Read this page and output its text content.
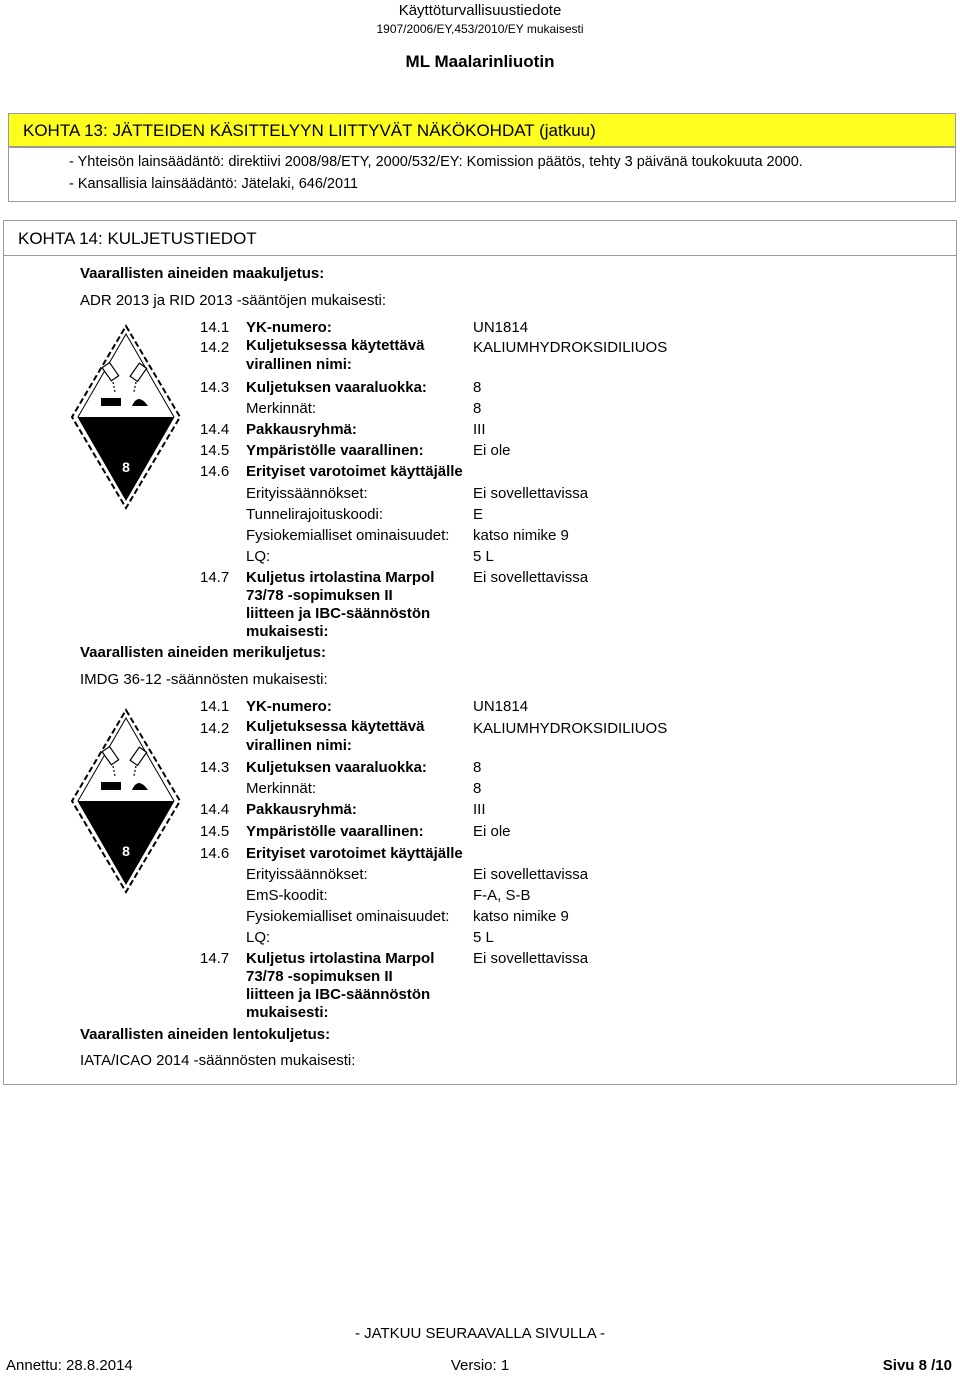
Käyttöturvallisuustiedote
1907/2006/EY,453/2010/EY mukaisesti
ML Maalarinliuotin
KOHTA 13: JÄTTEIDEN KÄSITTELYYN LIITTYVÄT NÄKÖKOHDAT (jatkuu)
- Yhteisön lainsäädäntö: direktiivi 2008/98/ETY, 2000/532/EY: Komission päätös, tehty 3 päivänä toukokuuta 2000.
- Kansallisia lainsäädäntö: Jätelaki, 646/2011
KOHTA 14: KULJETUSTIEDOT
Vaarallisten aineiden maakuljetus:
ADR 2013 ja RID 2013 -sääntöjen mukaisesti:
8
14.1 YK-numero:	UN1814
14.2 Kuljetuksessa käytettävä
virallinen nimi:
KALIUMHYDROKSIDILIUOS
14.3 Kuljetuksen vaaraluokka:	8
Merkinnät:	8
14.4 Pakkausryhmä:	III
14.5 Ympäristölle vaarallinen:	Ei ole
14.6 Erityiset varotoimet käyttäjälle
Erityissäännökset:	Ei sovellettavissa
Tunnelirajoituskoodi:	E
Fysiokemialliset ominaisuudet: katso nimike 9
LQ:	5 L
14.7 Kuljetus irtolastina Marpol
73/78 -sopimuksen II
liitteen ja IBC-säännöstön
mukaisesti:
Ei sovellettavissa
Vaarallisten aineiden merikuljetus:
IMDG 36-12 -säännösten mukaisesti:
8
14.1 YK-numero:	UN1814
14.2 Kuljetuksessa käytettävä
virallinen nimi:
KALIUMHYDROKSIDILIUOS
14.3 Kuljetuksen vaaraluokka:	8
Merkinnät:	8
14.4 Pakkausryhmä:	III
14.5 Ympäristölle vaarallinen:	Ei ole
14.6 Erityiset varotoimet käyttäjälle
Erityissäännökset:	Ei sovellettavissa
EmS-koodit:	F-A, S-B
Fysiokemialliset ominaisuudet: katso nimike 9
LQ:	5 L
14.7 Kuljetus irtolastina Marpol
73/78 -sopimuksen II
liitteen ja IBC-säännöstön
mukaisesti:
Ei sovellettavissa
Vaarallisten aineiden lentokuljetus:
IATA/ICAO 2014 -säännösten mukaisesti:
- JATKUU SEURAAVALLA SIVULLA -
Annettu: 28.8.2014	Versio: 1	Sivu 8 /10
